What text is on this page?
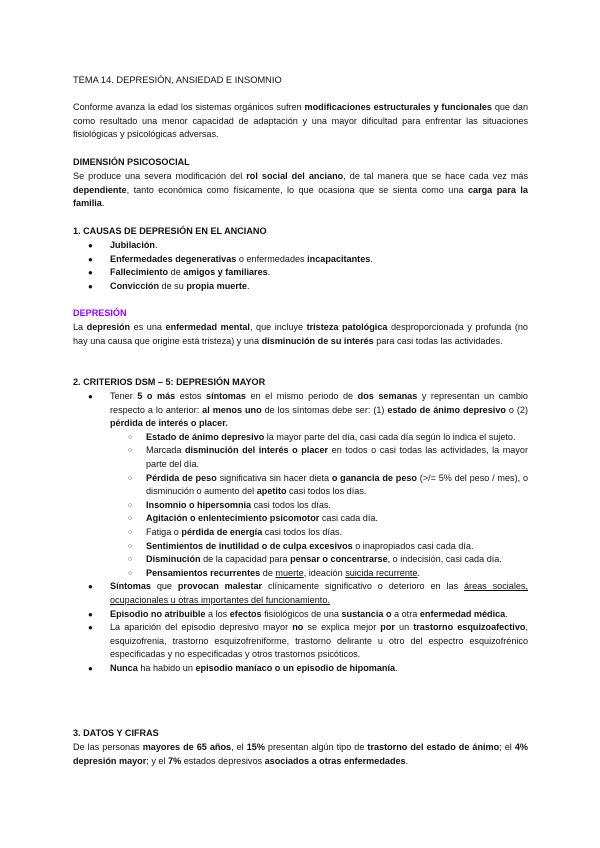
TEMA 14. DEPRESIÓN, ANSIEDAD E INSOMNIO

Conforme avanza la edad los sistemas orgánicos sufren modificaciones estructurales y funcionales que dan como resultado una menor capacidad de adaptación y una mayor dificultad para enfrentar las situaciones fisiológicas y psicológicas adversas.

DIMENSIÓN PSICOSOCIAL

Se produce una severa modificación del rol social del anciano, de tal manera que se hace cada vez más dependiente, tanto económica como físicamente, lo que ocasiona que se sienta como una carga para la familia.

1. CAUSAS DE DEPRESIÓN EN EL ANCIANO

● Jubilación.
● Enfermedades degenerativas o enfermedades incapacitantes.
● Fallecimiento de amigos y familiares.
● Convicción de su propia muerte.

DEPRESIÓN

La depresión es una enfermedad mental, que incluye tristeza patológica desproporcionada y profunda (no hay una causa que origine está tristeza) y una disminución de su interés para casi todas las actividades.

2. CRITERIOS DSM – 5: DEPRESIÓN MAYOR

● Tener 5 o más estos síntomas en el mismo periodo de dos semanas y representan un cambio respecto a lo anterior: al menos uno de los síntomas debe ser: (1) estado de ánimo depresivo o (2) pérdida de interés o placer.
○ Estado de ánimo depresivo la mayor parte del día, casi cada día según lo indica el sujeto.
○ Marcada disminución del interés o placer en todos o casi todas las actividades, la mayor parte del día.
○ Pérdida de peso significativa sin hacer dieta o ganancia de peso (>/= 5% del peso / mes), o disminución o aumento del apetito casi todos los días.
○ Insomnio o hipersomnia casi todos los días.
○ Agitación o enlentecimiento psicomotor casi cada día.
○ Fatiga o pérdida de energía casi todos los días.
○ Sentimientos de inutilidad o de culpa excesivos o inapropiados casi cada día.
○ Disminución de la capacidad para pensar o concentrarse, o indecisión, casi cada día.
○ Pensamientos recurrentes de muerte, ideación suicida recurrente.
● Síntomas que provocan malestar clínicamente significativo o deterioro en las áreas sociales, ocupacionales u otras importantes del funcionamiento.
● Episodio no atribuible a los efectos fisiológicos de una sustancia o a otra enfermedad médica.
● La aparición del episodio depresivo mayor no se explica mejor por un trastorno esquizoafectivo, esquizofrenia, trastorno esquizofreniforme, trastorno delirante u otro del espectro esquizofrénico especificadas y no especificadas y otros trastornos psicóticos.
● Nunca ha habido un episodio maníaco o un episodio de hipomanía.

3. DATOS Y CIFRAS

De las personas mayores de 65 años, el 15% presentan algún tipo de trastorno del estado de ánimo; el 4% depresión mayor; y el 7% estados depresivos asociados a otras enfermedades.
